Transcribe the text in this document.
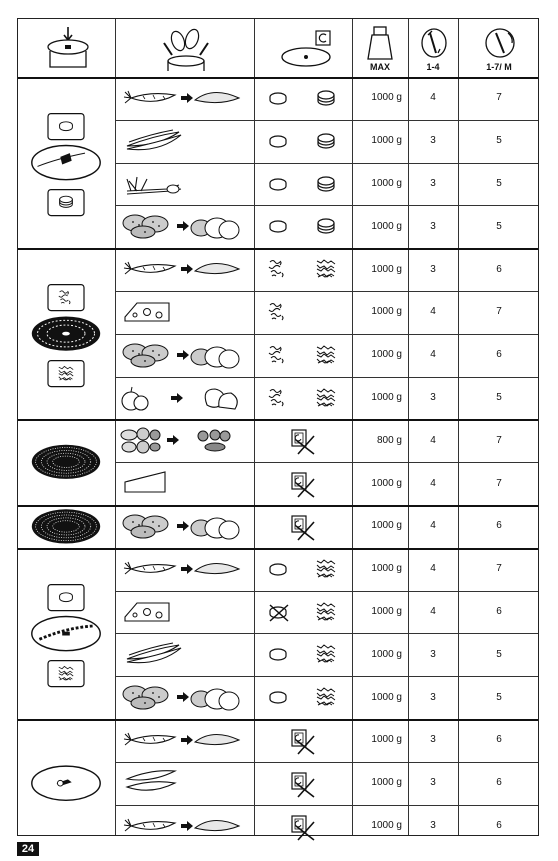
MAX	1-4	1-7/ M
1000 g	4	7
1000 g	3	5
1000 g	3	5
1000 g	3	5
1000 g	3	6
1000 g	4	7
1000 g	4	6
1000 g	3	5
800 g	4	7
1000 g	4	7
1000 g	4	6
1000 g	4	7
1000 g	4	6
1000 g	3	5
1000 g	3	5
1000 g	3	6
1000 g	3	6
1000 g	3	6
24
